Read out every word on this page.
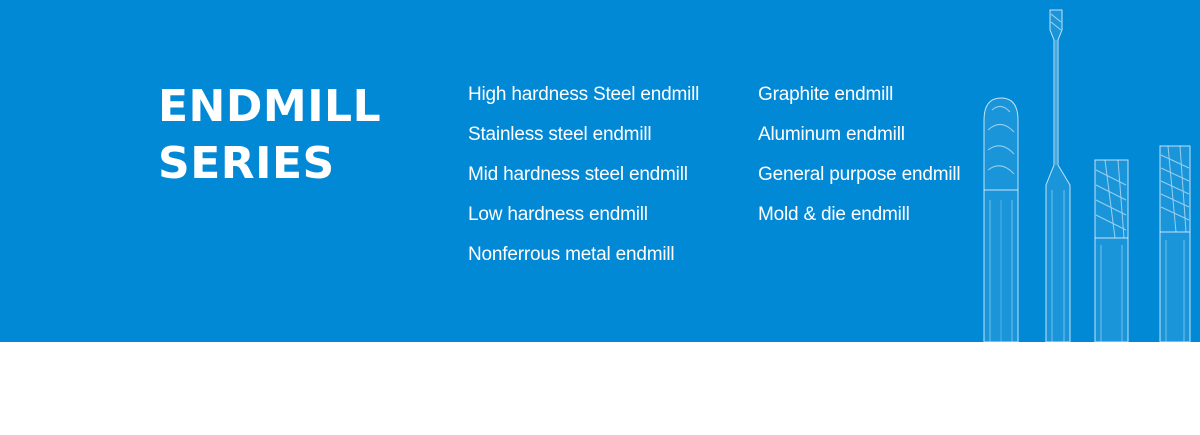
ENDMILL
SERIES
High hardness Steel endmill
Stainless steel endmill
Mid hardness steel endmill
Low hardness endmill
Nonferrous metal endmill
Graphite endmill
Aluminum endmill
General purpose endmill
Mold & die endmill
